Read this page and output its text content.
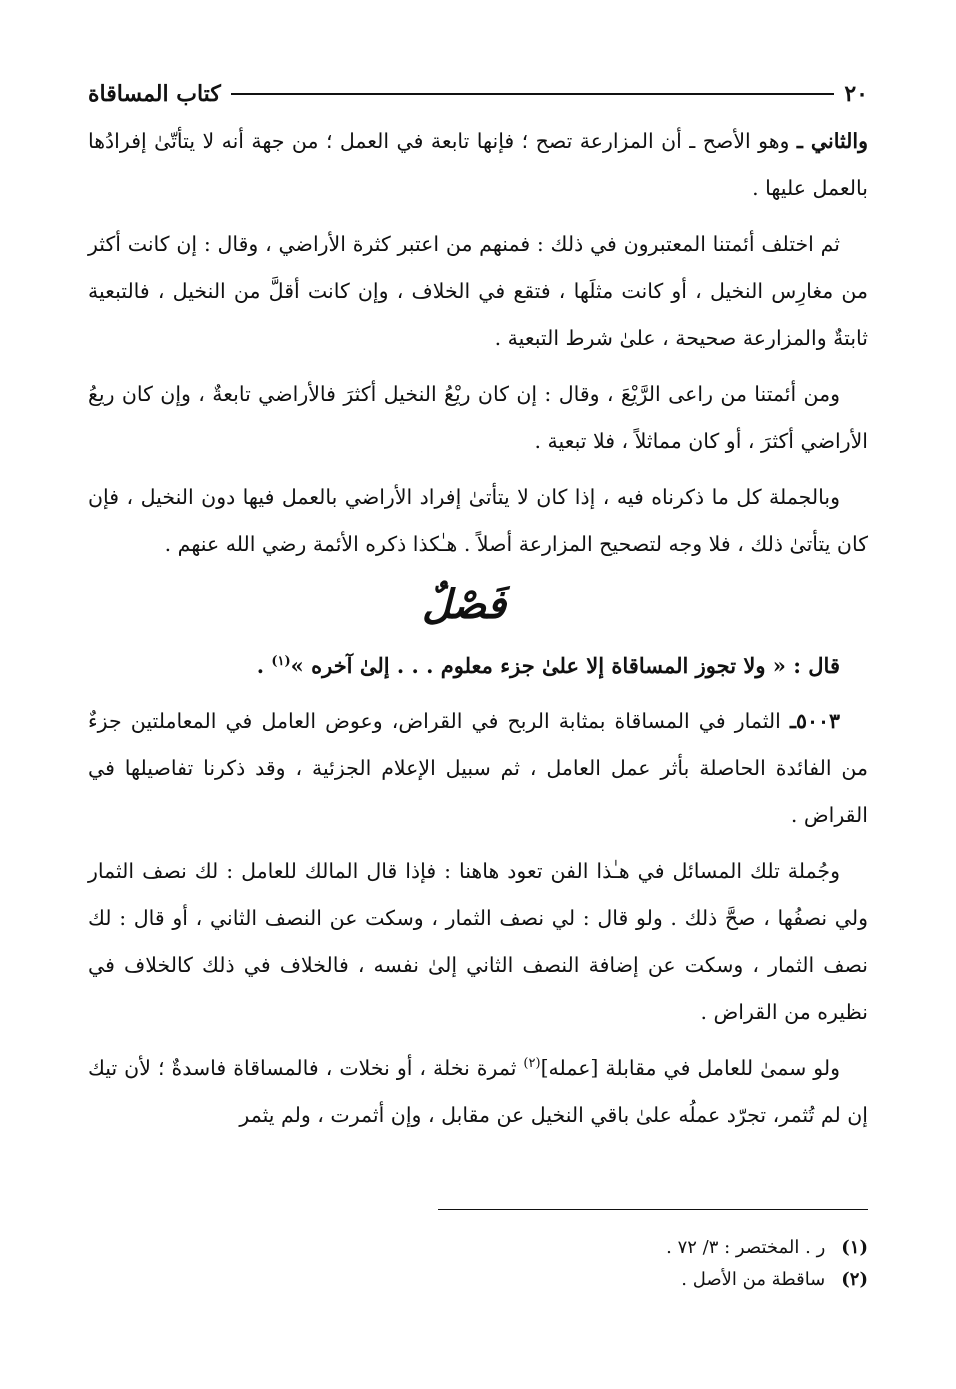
٢٠
كتاب المساقاة

والثاني ـ وهو الأصح ـ أن المزارعة تصح ؛ فإنها تابعة في العمل ؛ من جهة أنه لا يتأتّىٰ إفرادُها بالعمل عليها .

ثم اختلف أئمتنا المعتبرون في ذلك : فمنهم من اعتبر كثرة الأراضي ، وقال : إن كانت أكثر من مغارِس النخيل ، أو كانت مثلَها ، فتقع في الخلاف ، وإن كانت أقلَّ من النخيل ، فالتبعية ثابتةٌ والمزارعة صحيحة ، علىٰ شرط التبعية .

ومن أئمتنا من راعى الرَّيْعَ ، وقال : إن كان ريْعُ النخيل أكثرَ فالأراضي تابعةٌ ، وإن كان ريعُ الأراضي أكثرَ ، أو كان مماثلاً ، فلا تبعية .

وبالجملة كل ما ذكرناه فيه ، إذا كان لا يتأتىٰ إفراد الأراضي بالعمل فيها دون النخيل ، فإن كان يتأتىٰ ذلك ، فلا وجه لتصحيح المزارعة أصلاً . هـٰكذا ذكره الأئمة رضي الله عنهم .

فَصْلٌ

قال : « ولا تجوز المساقاة إلا علىٰ جزء معلوم . . . إلىٰ آخره »$^{(١)}$ .

٥٠٠٣ـ الثمار في المساقاة بمثابة الربح في القراض، وعوض العامل في المعاملتين جزءٌ من الفائدة الحاصلة بأثر عمل العامل ، ثم سبيل الإعلام الجزئية ، وقد ذكرنا تفاصيلها في القراض .

وجُملة تلك المسائل في هـٰذا الفن تعود هاهنا : فإذا قال المالك للعامل : لك نصف الثمار ولي نصفُها ، صحَّ ذلك . ولو قال : لي نصف الثمار ، وسكت عن النصف الثاني ، أو قال : لك نصف الثمار ، وسكت عن إضافة النصف الثاني إلىٰ نفسه ، فالخلاف في ذلك كالخلاف في نظيره من القراض .

ولو سمىٰ للعامل في مقابلة [عمله]$^{(٢)}$ ثمرة نخلة ، أو نخلات ، فالمساقاة فاسدةٌ ؛ لأن تيك إن لم تُثمر، تجرّد عملُه علىٰ باقي النخيل عن مقابل ، وإن أثمرت ، ولم يثمر

(١)
ر . المختصر : ٣/ ٧٢ .
(٢)
ساقطة من الأصل .
